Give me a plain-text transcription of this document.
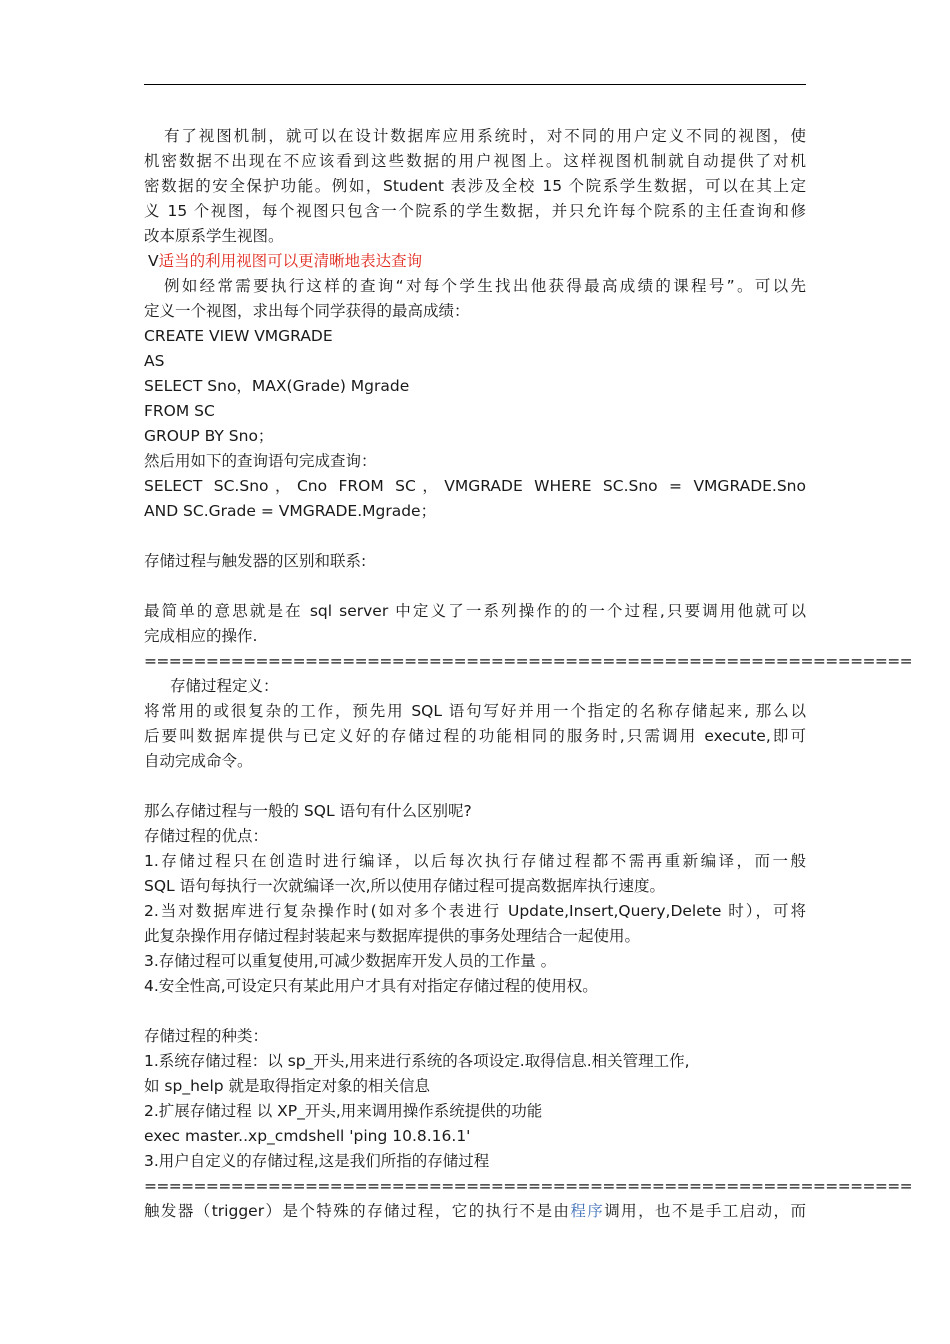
有了视图机制，就可以在设计数据库应用系统时，对不同的用户定义不同的视图，使
机密数据不出现在不应该看到这些数据的用户视图上。这样视图机制就自动提供了对机
密数据的安全保护功能。例如，Student 表涉及全校 15 个院系学生数据，可以在其上定
义 15 个视图，每个视图只包含一个院系的学生数据，并只允许每个院系的主任查询和修
改本原系学生视图。
V适当的利用视图可以更清晰地表达查询
例如经常需要执行这样的查询“对每个学生找出他获得最高成绩的课程号”。可以先
定义一个视图，求出每个同学获得的最高成绩：
CREATE VIEW VMGRADE
AS
SELECT Sno，MAX(Grade) Mgrade
FROM SC
GROUP BY Sno；
然后用如下的查询语句完成查询：
SELECT SC.Sno，Cno FROM SC，VMGRADE WHERE SC.Sno = VMGRADE.Sno
AND SC.Grade = VMGRADE.Mgrade；
存储过程与触发器的区别和联系:
最简单的意思就是在 sql server 中定义了一系列操作的的一个过程,只要调用他就可以
完成相应的操作.
==============================================================
存储过程定义：
将常用的或很复杂的工作，预先用 SQL 语句写好并用一个指定的名称存储起来, 那么以
后要叫数据库提供与已定义好的存储过程的功能相同的服务时,只需调用 execute,即可
自动完成命令。
那么存储过程与一般的 SQL 语句有什么区别呢?
存储过程的优点：
1.存储过程只在创造时进行编译，以后每次执行存储过程都不需再重新编译，而一般
SQL 语句每执行一次就编译一次,所以使用存储过程可提高数据库执行速度。
2.当对数据库进行复杂操作时(如对多个表进行 Update,Insert,Query,Delete 时），可将
此复杂操作用存储过程封装起来与数据库提供的事务处理结合一起使用。
3.存储过程可以重复使用,可减少数据库开发人员的工作量 。
4.安全性高,可设定只有某此用户才具有对指定存储过程的使用权。
存储过程的种类：
1.系统存储过程：以 sp_开头,用来进行系统的各项设定.取得信息.相关管理工作,
如 sp_help 就是取得指定对象的相关信息
2.扩展存储过程 以 XP_开头,用来调用操作系统提供的功能
exec master..xp_cmdshell 'ping 10.8.16.1'
3.用户自定义的存储过程,这是我们所指的存储过程
==============================================================
触发器（trigger）是个特殊的存储过程，它的执行不是由程序调用，也不是手工启动，而
